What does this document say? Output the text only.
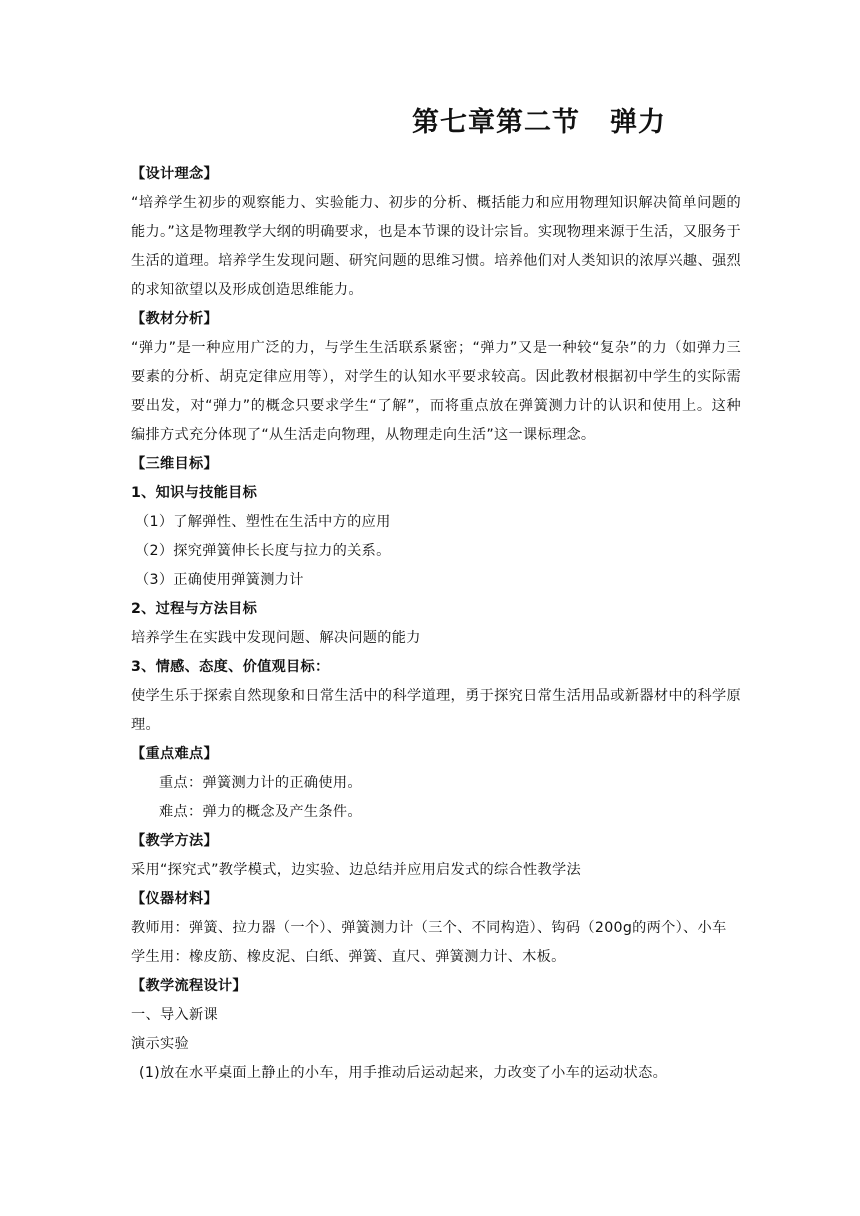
第七章第二节 弹力
【设计理念】
“培养学生初步的观察能力、实验能力、初步的分析、概括能力和应用物理知识解决简单问题的能力。”这是物理教学大纲的明确要求，也是本节课的设计宗旨。实现物理来源于生活，又服务于生活的道理。培养学生发现问题、研究问题的思维习惯。培养他们对人类知识的浓厚兴趣、强烈的求知欲望以及形成创造思维能力。
【教材分析】
“弹力”是一种应用广泛的力，与学生生活联系紧密；“弹力”又是一种较“复杂”的力（如弹力三要素的分析、胡克定律应用等），对学生的认知水平要求较高。因此教材根据初中学生的实际需要出发，对“弹力”的概念只要求学生“了解”，而将重点放在弹簧测力计的认识和使用上。这种编排方式充分体现了“从生活走向物理，从物理走向生活”这一课标理念。
【三维目标】
1、知识与技能目标
（1）了解弹性、塑性在生活中方的应用
（2）探究弹簧伸长长度与拉力的关系。
（3）正确使用弹簧测力计
2、过程与方法目标
培养学生在实践中发现问题、解决问题的能力
3、情感、态度、价值观目标：
使学生乐于探索自然现象和日常生活中的科学道理，勇于探究日常生活用品或新器材中的科学原理。
【重点难点】
重点：弹簧测力计的正确使用。
难点：弹力的概念及产生条件。
【教学方法】
采用“探究式”教学模式，边实验、边总结并应用启发式的综合性教学法
【仪器材料】
教师用：弹簧、拉力器（一个）、弹簧测力计（三个、不同构造）、钩码（200g的两个）、小车
学生用：橡皮筋、橡皮泥、白纸、弹簧、直尺、弹簧测力计、木板。
【教学流程设计】
一、导入新课
演示实验
(1)放在水平桌面上静止的小车，用手推动后运动起来，力改变了小车的运动状态。
